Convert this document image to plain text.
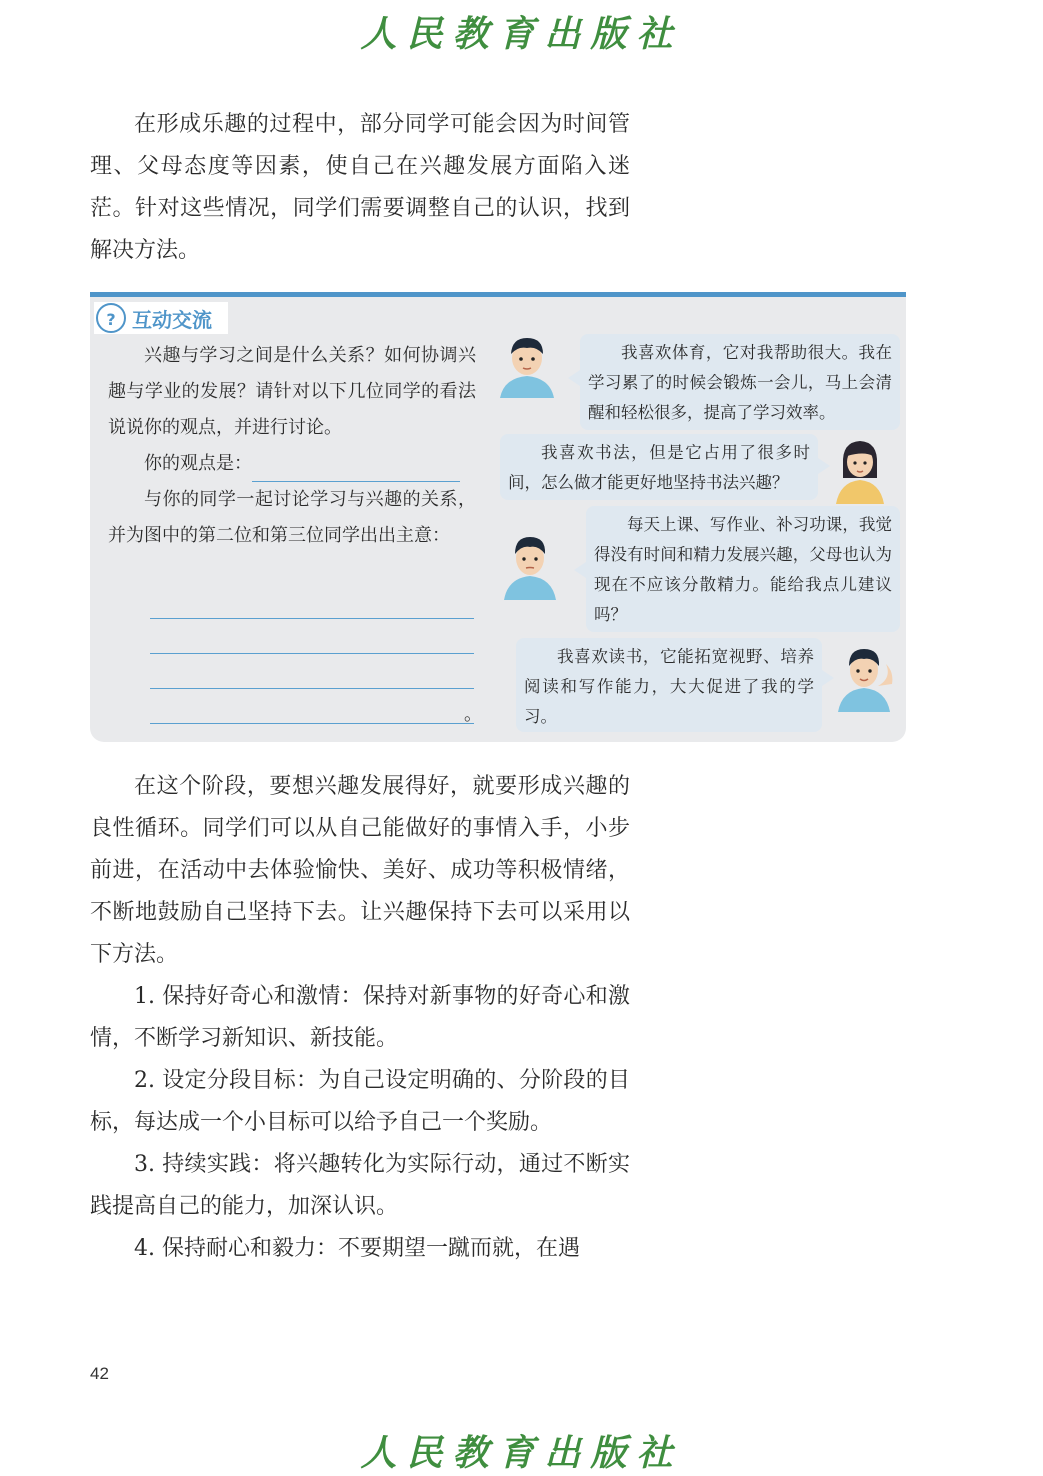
人民教育出版社

在形成乐趣的过程中，部分同学可能会因为时间管理、父母态度等因素，使自己在兴趣发展方面陷入迷茫。针对这些情况，同学们需要调整自己的认识，找到解决方法。

? 互动交流

兴趣与学习之间是什么关系？如何协调兴趣与学业的发展？请针对以下几位同学的看法说说你的观点，并进行讨论。

你的观点是：

与你的同学一起讨论学习与兴趣的关系，并为图中的第二位和第三位同学出出主意：

。

我喜欢体育，它对我帮助很大。我在学习累了的时候会锻炼一会儿，马上会清醒和轻松很多，提高了学习效率。

我喜欢书法，但是它占用了很多时间，怎么做才能更好地坚持书法兴趣？

每天上课、写作业、补习功课，我觉得没有时间和精力发展兴趣，父母也认为现在不应该分散精力。能给我点儿建议吗？

我喜欢读书，它能拓宽视野、培养阅读和写作能力，大大促进了我的学习。

在这个阶段，要想兴趣发展得好，就要形成兴趣的良性循环。同学们可以从自己能做好的事情入手，小步前进，在活动中去体验愉快、美好、成功等积极情绪，不断地鼓励自己坚持下去。让兴趣保持下去可以采用以下方法。

1. 保持好奇心和激情：保持对新事物的好奇心和激情，不断学习新知识、新技能。

2. 设定分段目标：为自己设定明确的、分阶段的目标，每达成一个小目标可以给予自己一个奖励。

3. 持续实践：将兴趣转化为实际行动，通过不断实践提高自己的能力，加深认识。

4. 保持耐心和毅力：不要期望一蹴而就，在遇

42
人民教育出版社
